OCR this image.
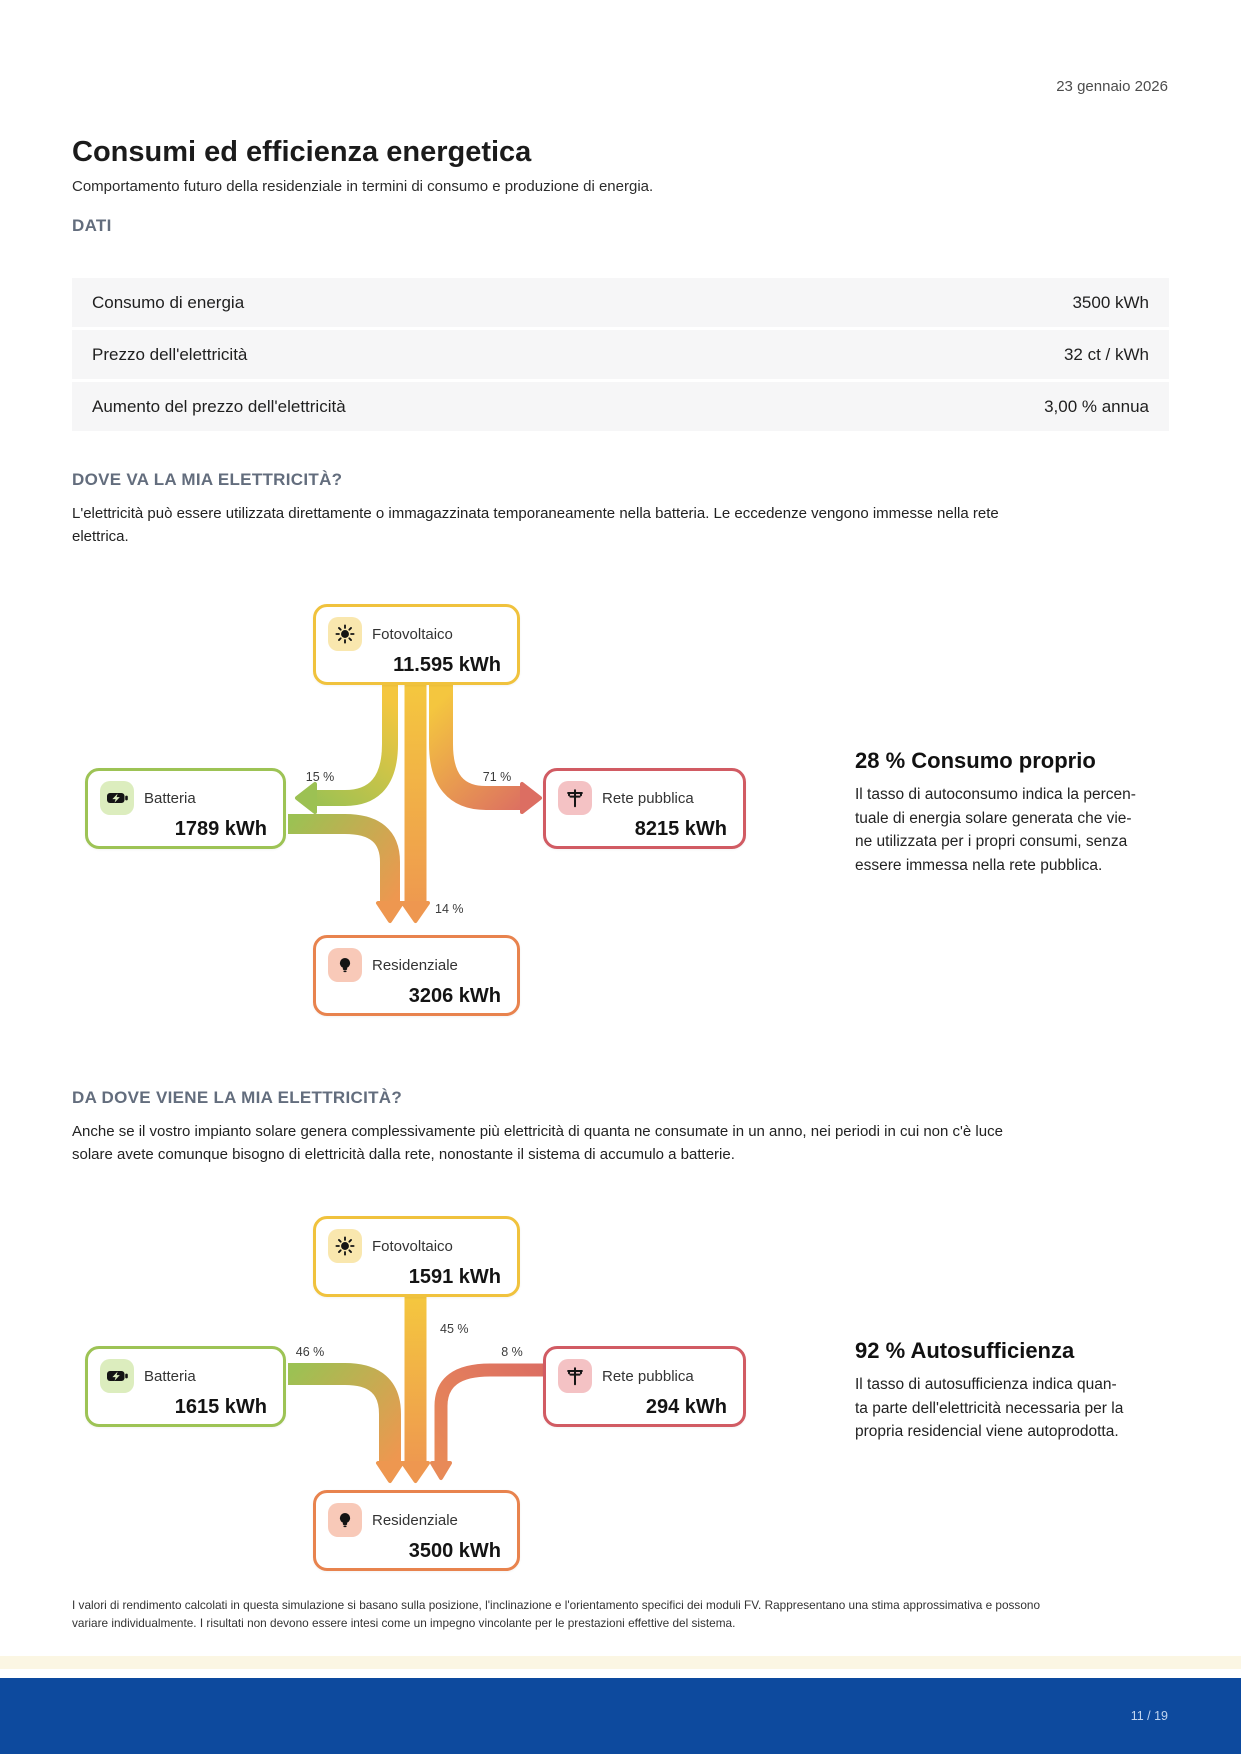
23 gennaio 2026
Consumi ed efficienza energetica
Comportamento futuro della residenziale in termini di consumo e produzione di energia.
DATI
Consumo di energia	3500 kWh
Prezzo dell'elettricità	32 ct / kWh
Aumento del prezzo dell'elettricità	3,00 % annua
DOVE VA LA MIA ELETTRICITÀ?
L'elettricità può essere utilizzata direttamente o immagazzinata temporaneamente nella batteria. Le eccedenze vengono immesse nella rete
elettrica.
15 %	71 %
14 %
Fotovoltaico
11.595 kWh
Batteria
1789 kWh
Rete pubblica
8215 kWh
Residenziale
3206 kWh
28 % Consumo proprio
Il tasso di autoconsumo indica la percen-
tuale di energia solare generata che vie-
ne utilizzata per i propri consumi, senza
essere immessa nella rete pubblica.
DA DOVE VIENE LA MIA ELETTRICITÀ?
Anche se il vostro impianto solare genera complessivamente più elettricità di quanta ne consumate in un anno, nei periodi in cui non c'è luce
solare avete comunque bisogno di elettricità dalla rete, nonostante il sistema di accumulo a batterie.
45 %
46 %	8 %
Fotovoltaico
1591 kWh
Batteria
1615 kWh
Rete pubblica
294 kWh
Residenziale
3500 kWh
92 % Autosufficienza
Il tasso di autosufficienza indica quan-
ta parte dell'elettricità necessaria per la
propria residencial viene autoprodotta.
I valori di rendimento calcolati in questa simulazione si basano sulla posizione, l'inclinazione e l'orientamento specifici dei moduli FV. Rappresentano una stima approssimativa e possono
variare individualmente. I risultati non devono essere intesi come un impegno vincolante per le prestazioni effettive del sistema.
11 / 19
